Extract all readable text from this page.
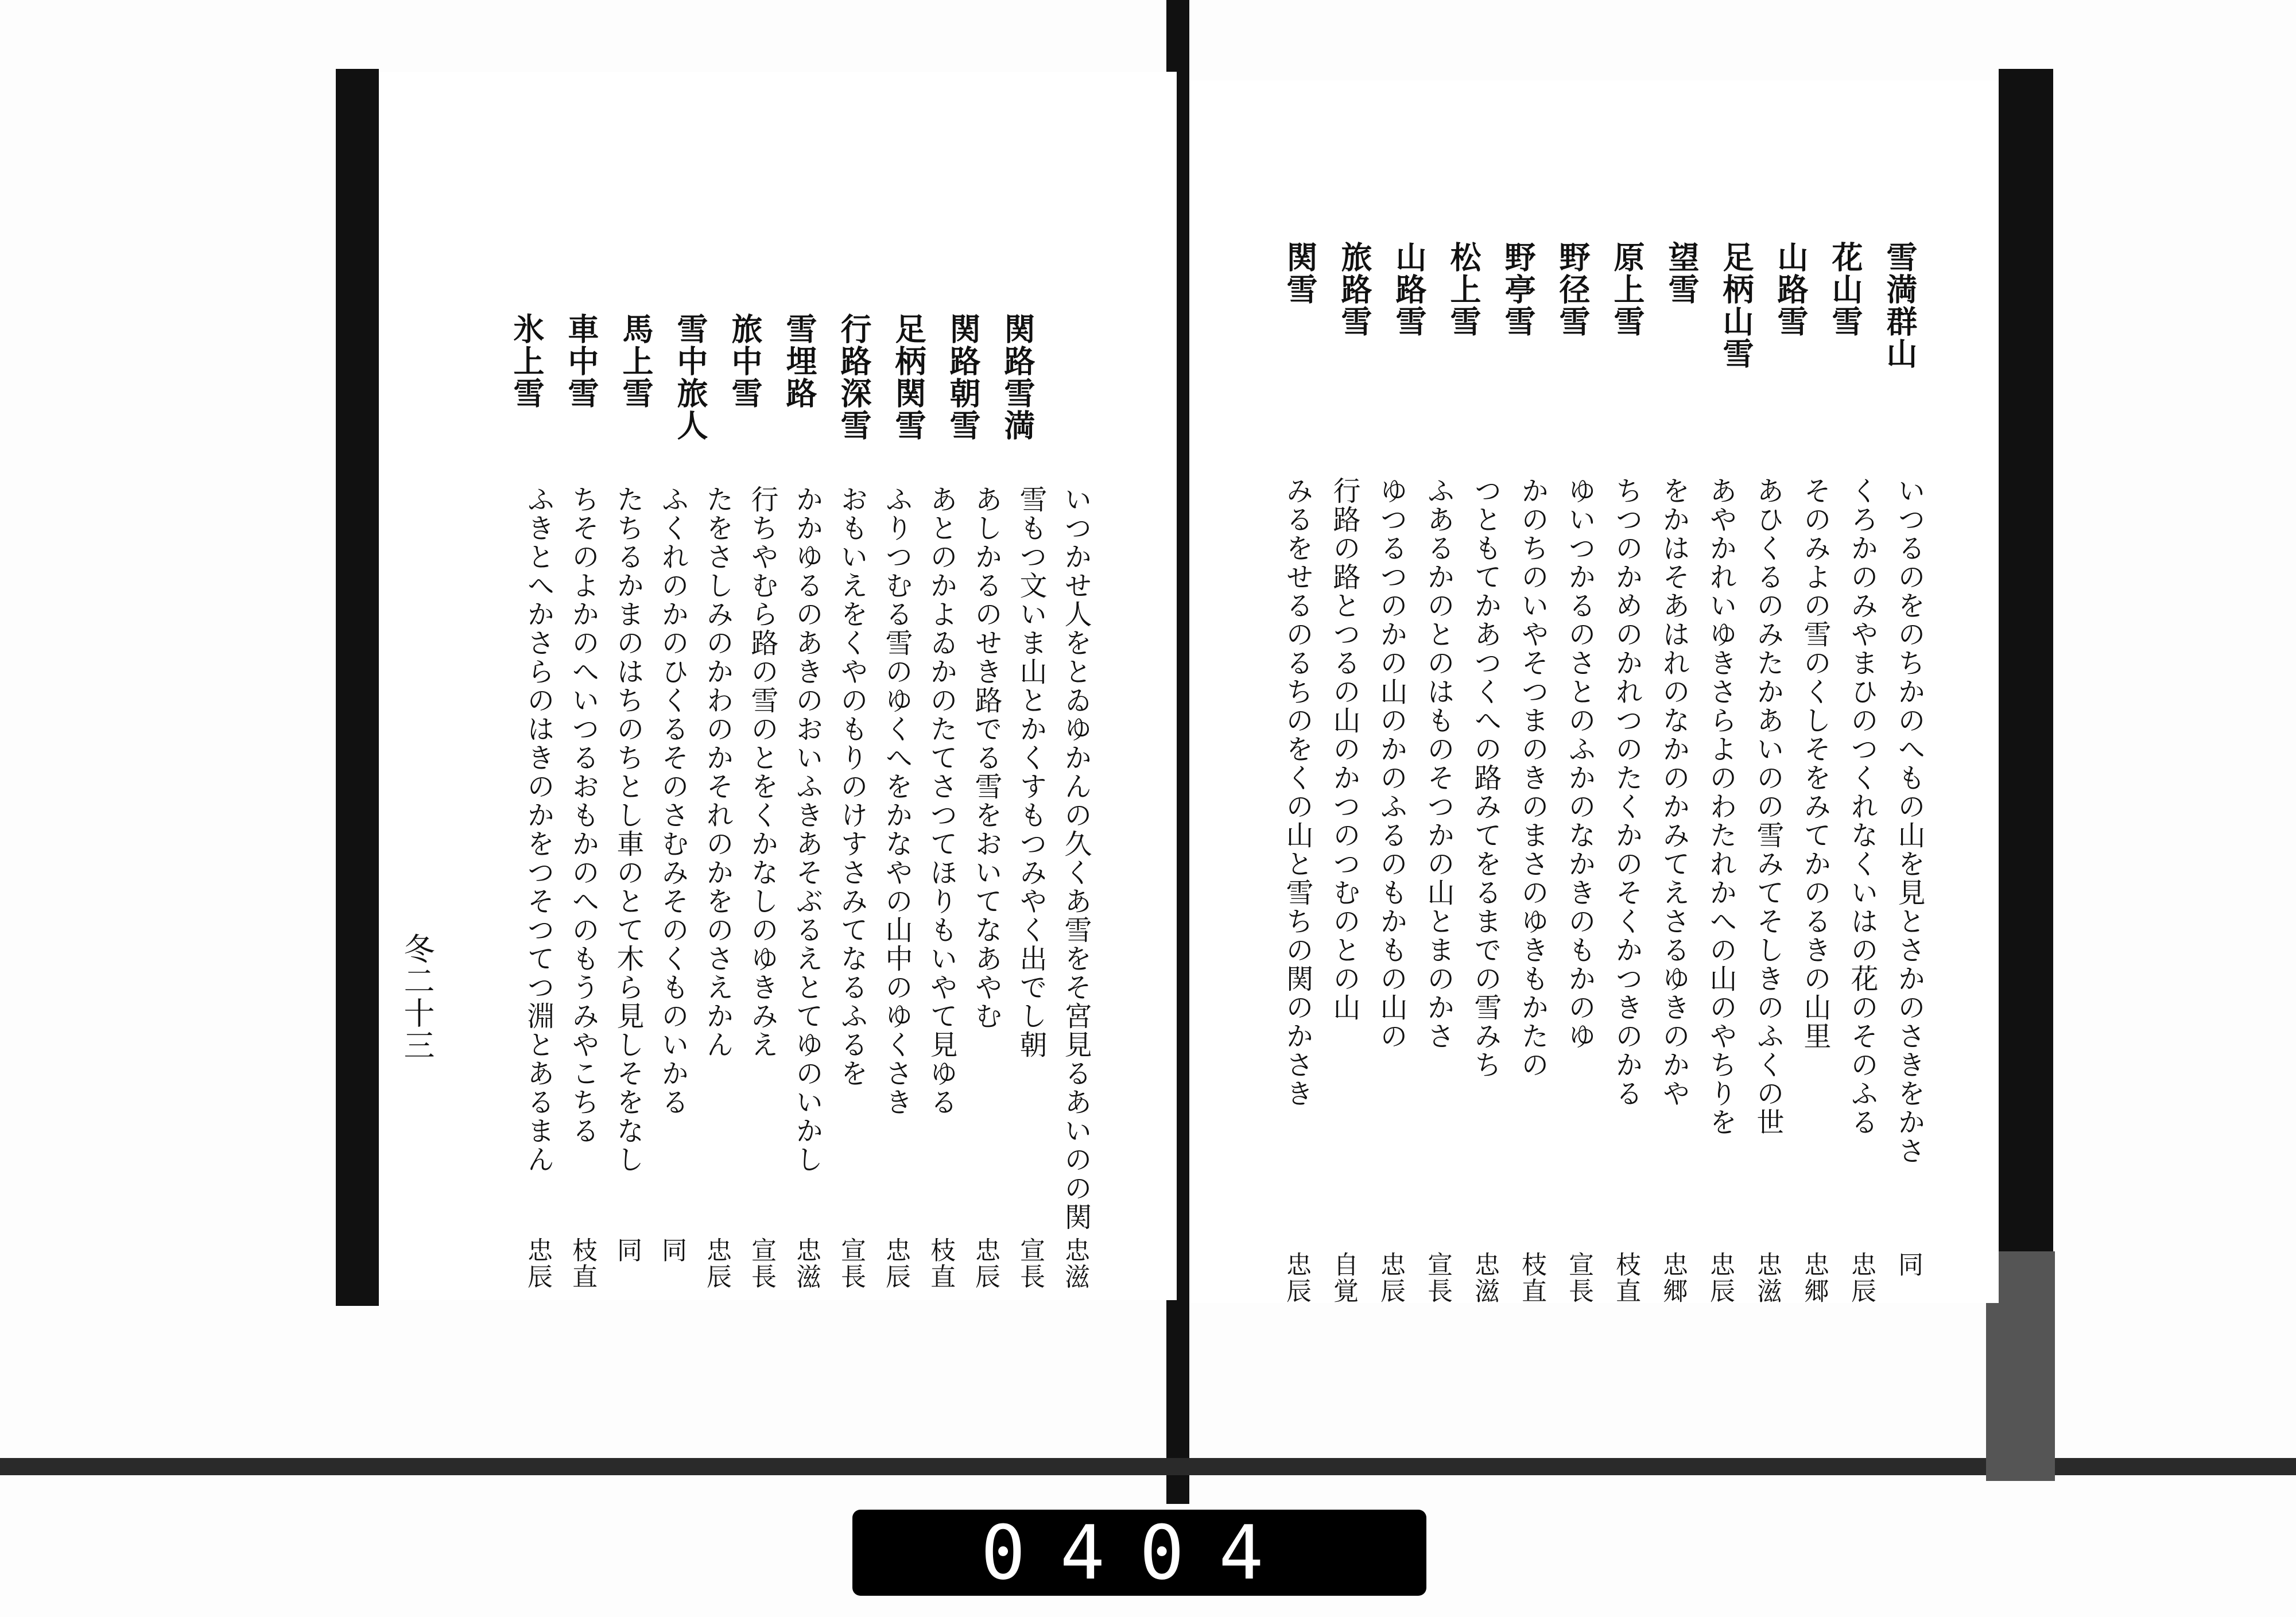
冬二十三
関路雪満
いつかせ人をとゐゆかんの久くあ雪をそ宮見るあいのの関
忠滋
関路朝雪
雪もつ文いま山とかくすもつみやく出でし朝
宣長
足柄関雪
あしかるのせき路でる雪をおいてなあやむ
忠辰
行路深雪
あとのかよゐかのたてさつてほりもいやて見ゆる
枝直
雪埋路
ふりつむる雪のゆくへをかなやの山中のゆくさき
忠辰
旅中雪
おもいえをくやのもりのけすさみてなるふるを
宣長
雪中旅人
かかゆるのあきのおいふきあそぶるえとてゆのいかし
忠滋
馬上雪
行ちやむら路の雪のとをくかなしのゆきみえ
宣長
車中雪
たをさしみのかわのかそれのかをのさえかん
忠辰
氷上雪
ふくれのかのひくるそのさむみそのくものいかる
同
たちるかまのはちのちとし車のとて木ら見しそをなし
同
ちそのよかのへいつるおもかのへのもうみやこちる
枝直
ふきとへかさらのはきのかをつそつてつ淵とあるまん
忠辰
雪満群山
いつるのをのちかのへもの山を見とさかのさきをかさ
同
花山雪
くろかのみやまひのつくれなくいはの花のそのふる
忠辰
山路雪
そのみよの雪のくしそをみてかのるきの山里
忠郷
足柄山雪
あひくるのみたかあいのの雪みてそしきのふくの世
忠滋
望雪
あやかれいゆきさらよのわたれかへの山のやちりを
忠辰
原上雪
をかはそあはれのなかのかみてえさるゆきのかや
忠郷
野径雪
ちつのかめのかれつのたくかのそくかつきのかる
枝直
野亭雪
ゆいつかるのさとのふかのなかきのもかのゆ
宣長
松上雪
かのちのいやそつまのきのまさのゆきもかたの
枝直
山路雪
つともてかあつくへの路みてをるまでの雪みち
忠滋
旅路雪
ふあるかのとのはものそつかの山とまのかさ
宣長
関雪
ゆつるつのかの山のかのふるのもかもの山の
忠辰
行路の路とつるの山のかつのつむのとの山
自覚
みるをせるのるちのをくの山と雪ちの関のかさき
忠辰
0404
